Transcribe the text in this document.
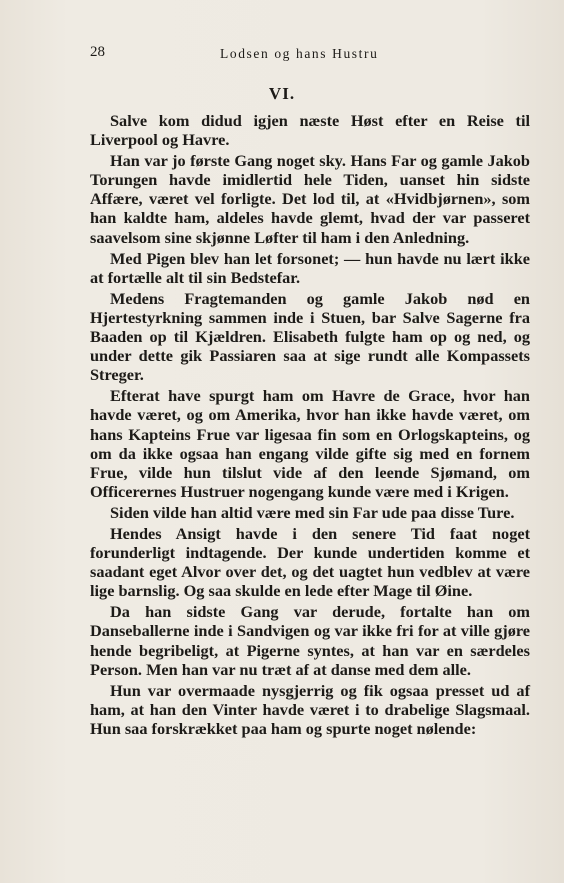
28	Lodsen og hans Hustru
VI.

Salve kom didud igjen næste Høst efter en Reise til Liverpool og Havre.

Han var jo første Gang noget sky. Hans Far og gamle Jakob Torungen havde imidlertid hele Tiden, uanset hin sidste Affære, været vel forligte. Det lod til, at «Hvidbjørnen», som han kaldte ham, aldeles havde glemt, hvad der var passeret saavelsom sine skjønne Løfter til ham i den Anledning.

Med Pigen blev han let forsonet; — hun havde nu lært ikke at fortælle alt til sin Bedstefar.

Medens Fragtemanden og gamle Jakob nød en Hjertestyrkning sammen inde i Stuen, bar Salve Sagerne fra Baaden op til Kjældren. Elisabeth fulgte ham op og ned, og under dette gik Passiaren saa at sige rundt alle Kompassets Streger.

Efterat have spurgt ham om Havre de Grace, hvor han havde været, og om Amerika, hvor han ikke havde været, om hans Kapteins Frue var ligesaa fin som en Orlogskapteins, og om da ikke ogsaa han engang vilde gifte sig med en fornem Frue, vilde hun tilslut vide af den leende Sjømand, om Officerernes Hustruer nogengang kunde være med i Krigen.

Siden vilde han altid være med sin Far ude paa disse Ture.

Hendes Ansigt havde i den senere Tid faat noget forunderligt indtagende. Der kunde undertiden komme et saadant eget Alvor over det, og det uagtet hun vedblev at være lige barnslig. Og saa skulde en lede efter Mage til Øine.

Da han sidste Gang var derude, fortalte han om Danseballerne inde i Sandvigen og var ikke fri for at ville gjøre hende begribeligt, at Pigerne syntes, at han var en særdeles Person. Men han var nu træt af at danse med dem alle.

Hun var overmaade nysgjerrig og fik ogsaa presset ud af ham, at han den Vinter havde været i to drabelige Slagsmaal. Hun saa forskrækket paa ham og spurte noget nølende:
